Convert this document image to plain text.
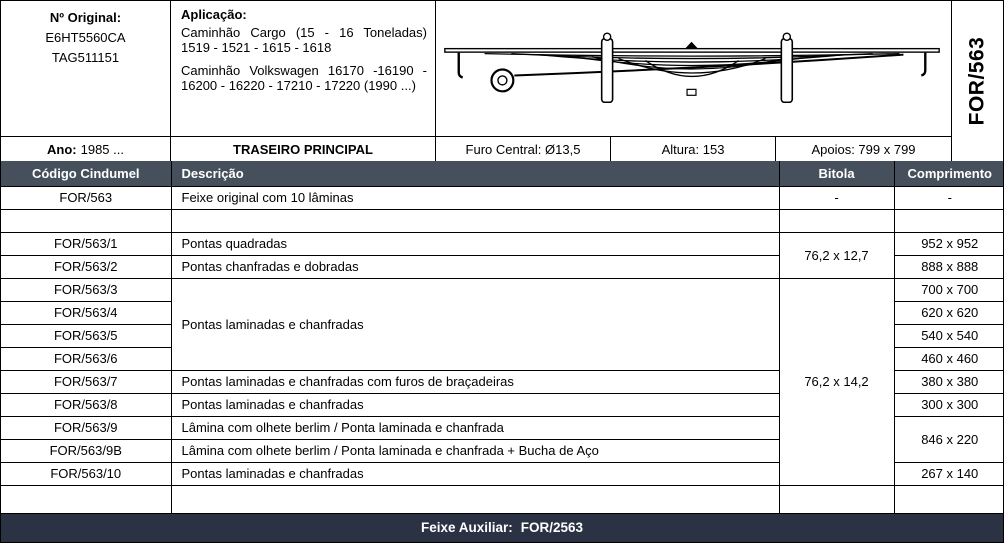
Nº Original:
E6HT5560CA
TAG511151
Aplicação:

Caminhão Cargo (15 - 16 Toneladas) 1519 - 1521 - 1615 - 1618

Caminhão Volkswagen 16170 -16190 - 16200 - 16220 - 17210 - 17220 (1990 ...)

Ano: 1985 ...	TRASEIRO PRINCIPAL	Furo Central: Ø13,5	Altura: 153	Apoios: 799 x 799
FOR/563
Código Cindumel	Descrição	Bitola	Comprimento
FOR/563	Feixe original com 10 lâminas	-	-

FOR/563/1	Pontas quadradas	76,2 x 12,7	952 x 952
FOR/563/2	Pontas chanfradas e dobradas		888 x 888
FOR/563/3	Pontas laminadas e chanfradas	76,2 x 14,2	700 x 700
FOR/563/4			620 x 620
FOR/563/5			540 x 540
FOR/563/6			460 x 460
FOR/563/7	Pontas laminadas e chanfradas com furos de braçadeiras		380 x 380
FOR/563/8	Pontas laminadas e chanfradas		300 x 300
FOR/563/9	Lâmina com olhete berlim / Ponta laminada e chanfrada		846 x 220
FOR/563/9B	Lâmina com olhete berlim / Ponta laminada e chanfrada + Bucha de Aço		
FOR/563/10	Pontas laminadas e chanfradas		267 x 140

Feixe Auxiliar: FOR/2563
